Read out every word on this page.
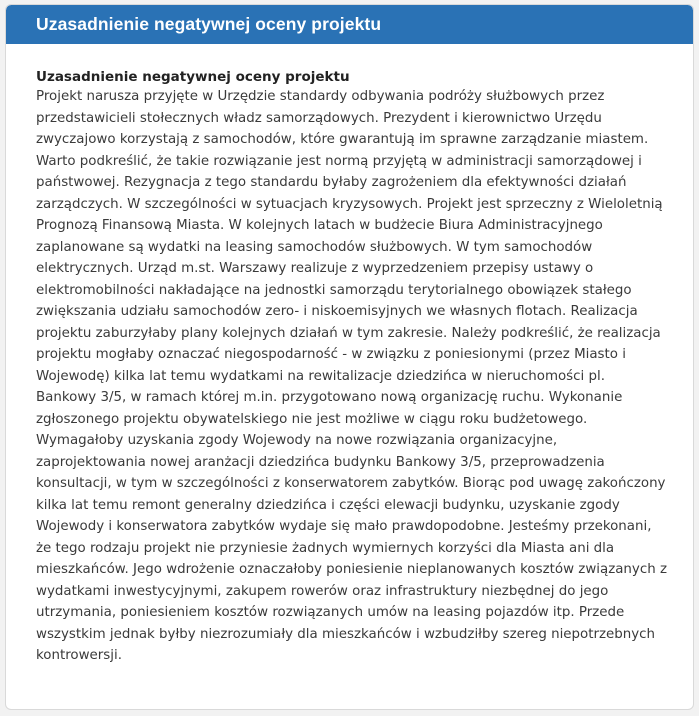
Uzasadnienie negatywnej oceny projektu

Uzasadnienie negatywnej oceny projektu

Projekt narusza przyjęte w Urzędzie standardy odbywania podróży służbowych przez przedstawicieli stołecznych władz samorządowych. Prezydent i kierownictwo Urzędu zwyczajowo korzystają z samochodów, które gwarantują im sprawne zarządzanie miastem. Warto podkreślić, że takie rozwiązanie jest normą przyjętą w administracji samorządowej i państwowej. Rezygnacja z tego standardu byłaby zagrożeniem dla efektywności działań zarządczych. W szczególności w sytuacjach kryzysowych. Projekt jest sprzeczny z Wieloletnią Prognozą Finansową Miasta. W kolejnych latach w budżecie Biura Administracyjnego zaplanowane są wydatki na leasing samochodów służbowych. W tym samochodów elektrycznych. Urząd m.st. Warszawy realizuje z wyprzedzeniem przepisy ustawy o elektromobilności nakładające na jednostki samorządu terytorialnego obowiązek stałego zwiększania udziału samochodów zero- i niskoemisyjnych we własnych flotach. Realizacja projektu zaburzyłaby plany kolejnych działań w tym zakresie. Należy podkreślić, że realizacja projektu mogłaby oznaczać niegospodarność - w związku z poniesionymi (przez Miasto i Wojewodę) kilka lat temu wydatkami na rewitalizacje dziedzińca w nieruchomości pl. Bankowy 3/5, w ramach której m.in. przygotowano nową organizację ruchu. Wykonanie zgłoszonego projektu obywatelskiego nie jest możliwe w ciągu roku budżetowego. Wymagałoby uzyskania zgody Wojewody na nowe rozwiązania organizacyjne, zaprojektowania nowej aranżacji dziedzińca budynku Bankowy 3/5, przeprowadzenia konsultacji, w tym w szczególności z konserwatorem zabytków. Biorąc pod uwagę zakończony kilka lat temu remont generalny dziedzińca i części elewacji budynku, uzyskanie zgody Wojewody i konserwatora zabytków wydaje się mało prawdopodobne. Jesteśmy przekonani, że tego rodzaju projekt nie przyniesie żadnych wymiernych korzyści dla Miasta ani dla mieszkańców. Jego wdrożenie oznaczałoby poniesienie nieplanowanych kosztów związanych z wydatkami inwestycyjnymi, zakupem rowerów oraz infrastruktury niezbędnej do jego utrzymania, poniesieniem kosztów rozwiązanych umów na leasing pojazdów itp. Przede wszystkim jednak byłby niezrozumiały dla mieszkańców i wzbudziłby szereg niepotrzebnych kontrowersji.
